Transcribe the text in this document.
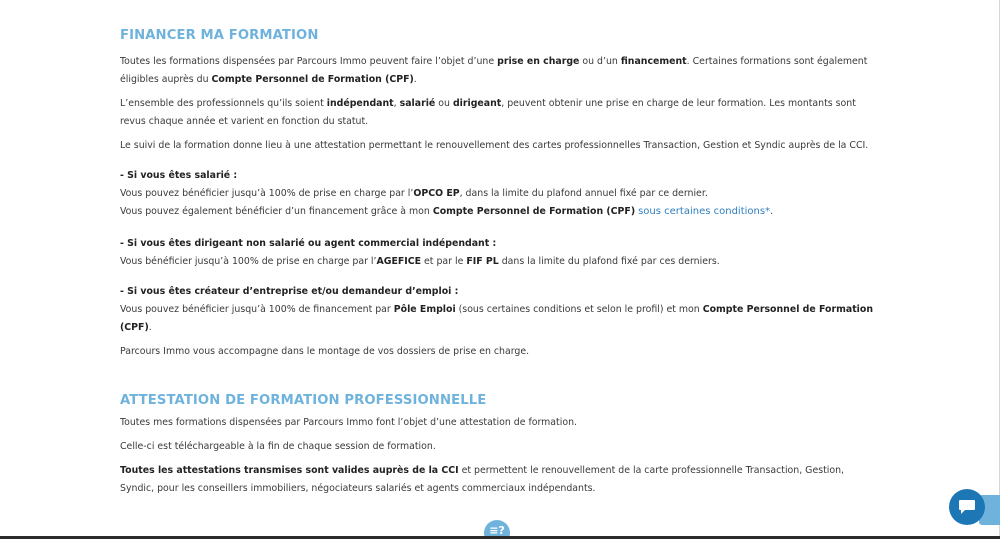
FINANCER MA FORMATION

Toutes les formations dispensées par Parcours Immo peuvent faire l’objet d’une prise en charge ou d’un financement. Certaines formations sont également éligibles auprès du Compte Personnel de Formation (CPF).

L’ensemble des professionnels qu’ils soient indépendant, salarié ou dirigeant, peuvent obtenir une prise en charge de leur formation. Les montants sont revus chaque année et varient en fonction du statut.

Le suivi de la formation donne lieu à une attestation permettant le renouvellement des cartes professionnelles Transaction, Gestion et Syndic auprès de la CCI.

- Si vous êtes salarié :

Vous pouvez bénéficier jusqu’à 100% de prise en charge par l’OPCO EP, dans la limite du plafond annuel fixé par ce dernier.

Vous pouvez également bénéficier d’un financement grâce à mon Compte Personnel de Formation (CPF) sous certaines conditions*.

- Si vous êtes dirigeant non salarié ou agent commercial indépendant :

Vous bénéficier jusqu’à 100% de prise en charge par l’AGEFICE et par le FIF PL dans la limite du plafond fixé par ces derniers.

- Si vous êtes créateur d’entreprise et/ou demandeur d’emploi :

Vous pouvez bénéficier jusqu’à 100% de financement par Pôle Emploi (sous certaines conditions et selon le profil) et mon Compte Personnel de Formation (CPF).

Parcours Immo vous accompagne dans le montage de vos dossiers de prise en charge.

ATTESTATION DE FORMATION PROFESSIONNELLE

Toutes mes formations dispensées par Parcours Immo font l’objet d’une attestation de formation.

Celle-ci est téléchargeable à la fin de chaque session de formation.

Toutes les attestations transmises sont valides auprès de la CCI et permettent le renouvellement de la carte professionnelle Transaction, Gestion, Syndic, pour les conseillers immobiliers, négociateurs salariés et agents commerciaux indépendants.

≡?
